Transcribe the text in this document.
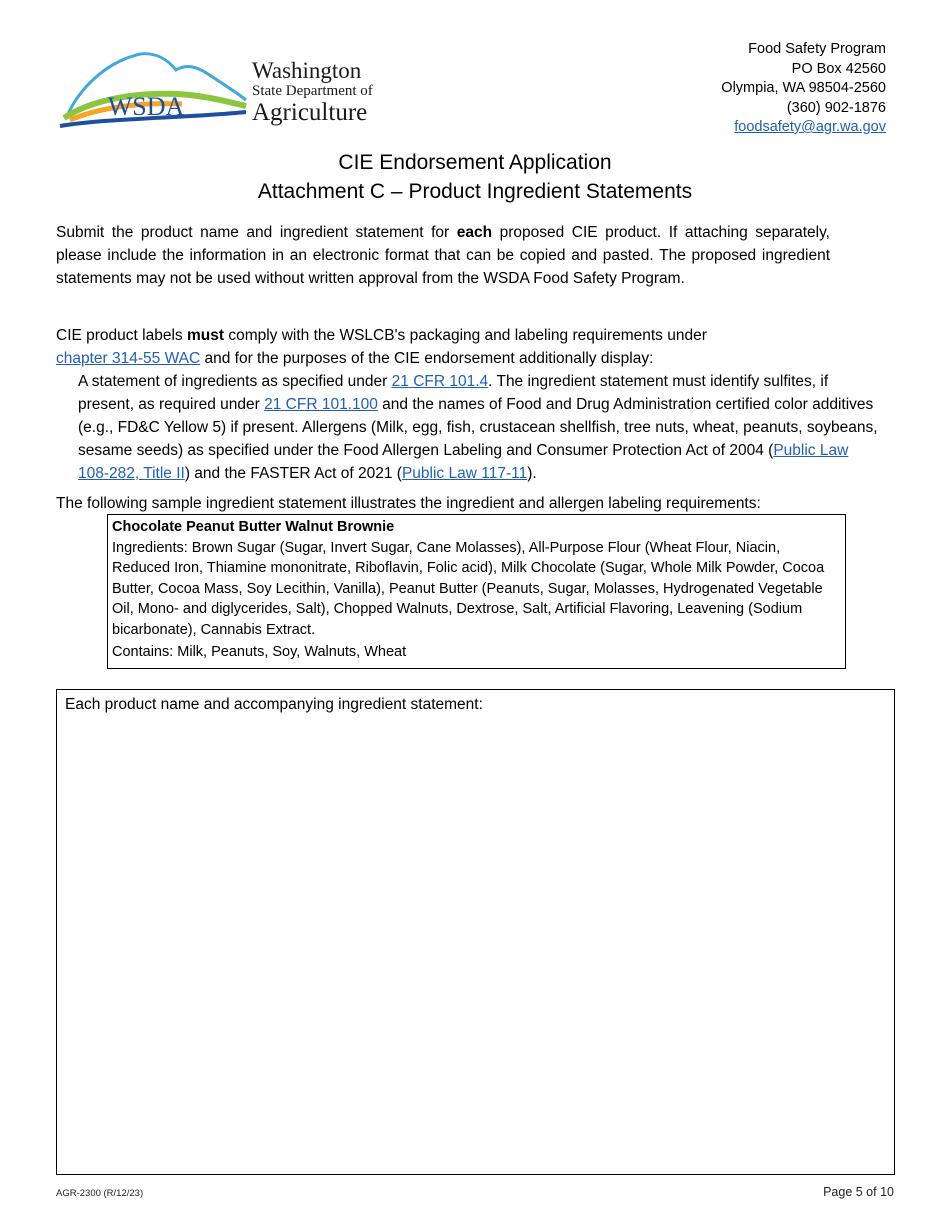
WSDA
Washington
State Department of
Agriculture
Food Safety Program
PO Box 42560
Olympia, WA 98504-2560
(360) 902-1876
foodsafety@agr.wa.gov
CIE Endorsement Application
Attachment C – Product Ingredient Statements
Submit the product name and ingredient statement for each proposed CIE product. If attaching separately, please include the information in an electronic format that can be copied and pasted. The proposed ingredient statements may not be used without written approval from the WSDA Food Safety Program.
CIE product labels must comply with the WSLCB's packaging and labeling requirements under
chapter 314-55 WAC and for the purposes of the CIE endorsement additionally display:
A statement of ingredients as specified under 21 CFR 101.4. The ingredient statement must identify sulfites, if present, as required under 21 CFR 101.100 and the names of Food and Drug Administration certified color additives (e.g., FD&C Yellow 5) if present. Allergens (Milk, egg, fish, crustacean shellfish, tree nuts, wheat, peanuts, soybeans, sesame seeds) as specified under the Food Allergen Labeling and Consumer Protection Act of 2004 (Public Law 108-282, Title II) and the FASTER Act of 2021 (Public Law 117-11).
The following sample ingredient statement illustrates the ingredient and allergen labeling requirements:
Chocolate Peanut Butter Walnut Brownie
Ingredients: Brown Sugar (Sugar, Invert Sugar, Cane Molasses), All-Purpose Flour (Wheat Flour, Niacin, Reduced Iron, Thiamine mononitrate, Riboflavin, Folic acid), Milk Chocolate (Sugar, Whole Milk Powder, Cocoa Butter, Cocoa Mass, Soy Lecithin, Vanilla), Peanut Butter (Peanuts, Sugar, Molasses, Hydrogenated Vegetable Oil, Mono- and diglycerides, Salt), Chopped Walnuts, Dextrose, Salt, Artificial Flavoring, Leavening (Sodium bicarbonate), Cannabis Extract.
Contains: Milk, Peanuts, Soy, Walnuts, Wheat
Each product name and accompanying ingredient statement:
AGR-2300 (R/12/23)	Page 5 of 10
